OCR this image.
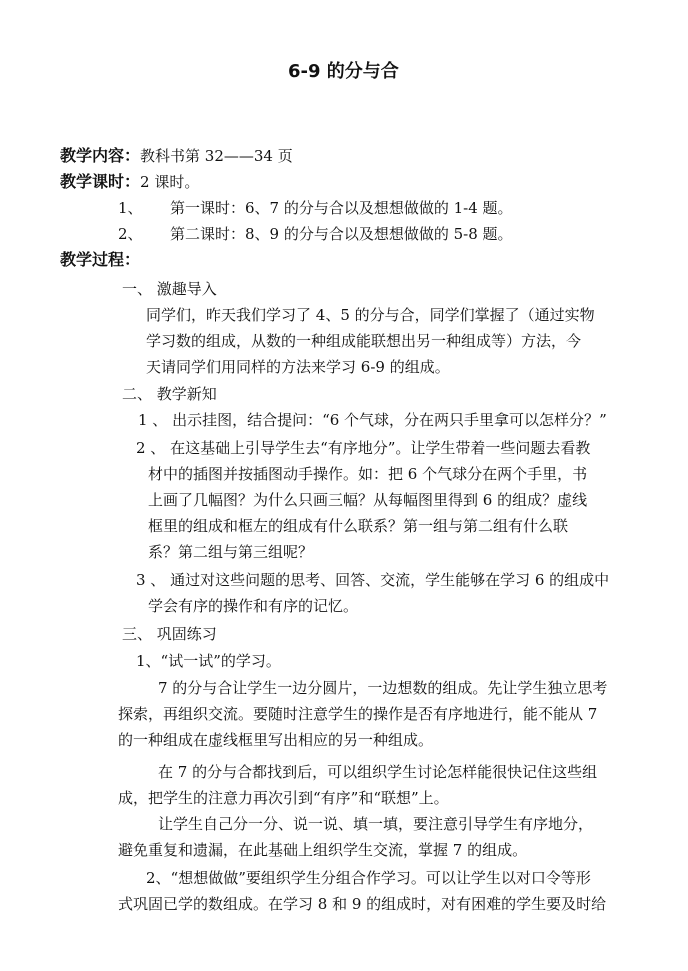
6-9 的分与合
教学内容：教科书第 32——34 页
教学课时：2 课时。
1、 第一课时：6、7 的分与合以及想想做做的 1-4 题。
2、 第二课时：8、9 的分与合以及想想做做的 5-8 题。
教学过程：
一、 激趣导入
同学们，昨天我们学习了 4、5 的分与合，同学们掌握了（通过实物
学习数的组成，从数的一种组成能联想出另一种组成等）方法，今
天请同学们用同样的方法来学习 6-9 的组成。
二、 教学新知
1 、 出示挂图，结合提问：“6 个气球，分在两只手里拿可以怎样分？”
2 、 在这基础上引导学生去“有序地分”。让学生带着一些问题去看教
材中的插图并按插图动手操作。如：把 6 个气球分在两个手里，书
上画了几幅图？为什么只画三幅？从每幅图里得到 6 的组成？虚线
框里的组成和框左的组成有什么联系？第一组与第二组有什么联
系？第二组与第三组呢？
3 、 通过对这些问题的思考、回答、交流，学生能够在学习 6 的组成中
学会有序的操作和有序的记忆。
三、 巩固练习
1、“试一试”的学习。
7 的分与合让学生一边分圆片，一边想数的组成。先让学生独立思考
探索，再组织交流。要随时注意学生的操作是否有序地进行，能不能从 7
的一种组成在虚线框里写出相应的另一种组成。
在 7 的分与合都找到后，可以组织学生讨论怎样能很快记住这些组
成，把学生的注意力再次引到“有序”和“联想”上。
让学生自己分一分、说一说、填一填，要注意引导学生有序地分，
避免重复和遗漏，在此基础上组织学生交流，掌握 7 的组成。
2、“想想做做”要组织学生分组合作学习。可以让学生以对口令等形
式巩固已学的数组成。在学习 8 和 9 的组成时，对有困难的学生要及时给
